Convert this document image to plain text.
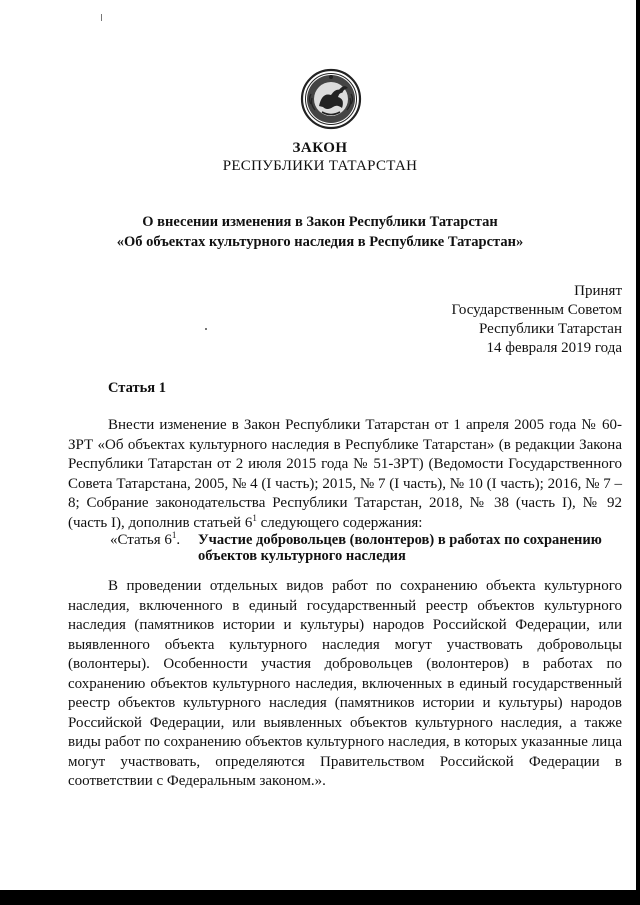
ЗАКОН
РЕСПУБЛИКИ ТАТАРСТАН
О внесении изменения в Закон Республики Татарстан
«Об объектах культурного наследия в Республике Татарстан»
Принят
Государственным Советом
Республики Татарстан
14 февраля 2019 года
Статья 1

Внести изменение в Закон Республики Татарстан от 1 апреля 2005 года № 60-ЗРТ «Об объектах культурного наследия в Республике Татарстан» (в редакции Закона Республики Татарстан от 2 июля 2015 года № 51-ЗРТ) (Ведомости Государственного Совета Татарстана, 2005, № 4 (I часть); 2015, № 7 (I часть), № 10 (I часть); 2016, № 7 – 8; Собрание законодательства Республики Татарстан, 2018, № 38 (часть I), № 92 (часть I), дополнив статьей $6^1$ следующего содержания:

«Статья $6^1$. Участие добровольцев (волонтеров) в работах по сохранению объектов культурного наследия

В проведении отдельных видов работ по сохранению объекта культурного наследия, включенного в единый государственный реестр объектов культурного наследия (памятников истории и культуры) народов Российской Федерации, или выявленного объекта культурного наследия могут участвовать добровольцы (волонтеры). Особенности участия добровольцев (волонтеров) в работах по сохранению объектов культурного наследия, включенных в единый государственный реестр объектов культурного наследия (памятников истории и культуры) народов Российской Федерации, или выявленных объектов культурного наследия, а также виды работ по сохранению объектов культурного наследия, в которых указанные лица могут участвовать, определяются Правительством Российской Федерации в соответствии с Федеральным законом.».
